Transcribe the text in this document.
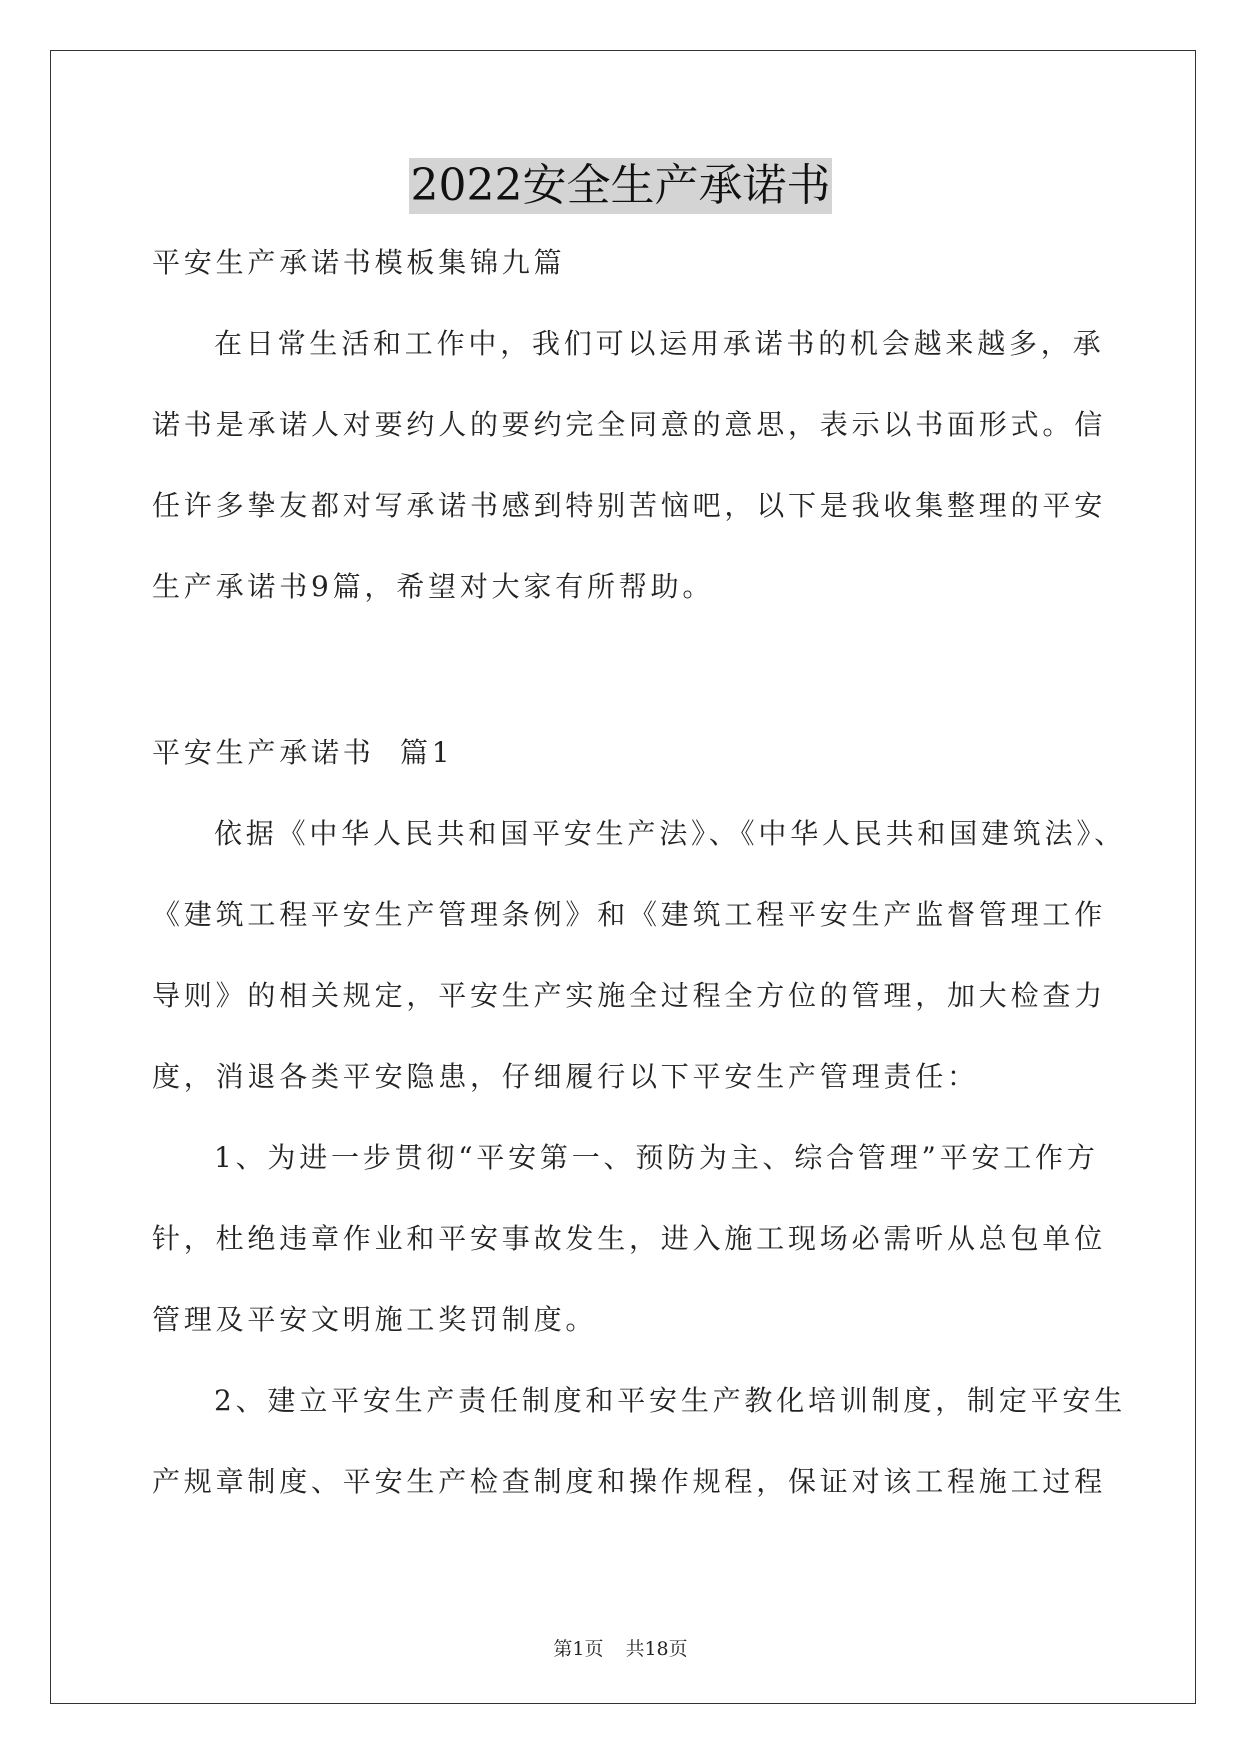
2022安全生产承诺书
平安生产承诺书模板集锦九篇
在日常生活和工作中，我们可以运用承诺书的机会越来越多，承
诺书是承诺人对要约人的要约完全同意的意思，表示以书面形式。信
任许多挚友都对写承诺书感到特别苦恼吧，以下是我收集整理的平安
生产承诺书9篇，希望对大家有所帮助。
平安生产承诺书  篇1
依据《中华人民共和国平安生产法》、《中华人民共和国建筑法》、
《建筑工程平安生产管理条例》和《建筑工程平安生产监督管理工作
导则》的相关规定，平安生产实施全过程全方位的管理，加大检查力
度，消退各类平安隐患，仔细履行以下平安生产管理责任：
1、为进一步贯彻“平安第一、预防为主、综合管理”平安工作方
针，杜绝违章作业和平安事故发生，进入施工现场必需听从总包单位
管理及平安文明施工奖罚制度。
2、建立平安生产责任制度和平安生产教化培训制度，制定平安生
产规章制度、平安生产检查制度和操作规程，保证对该工程施工过程
第1页 共18页
